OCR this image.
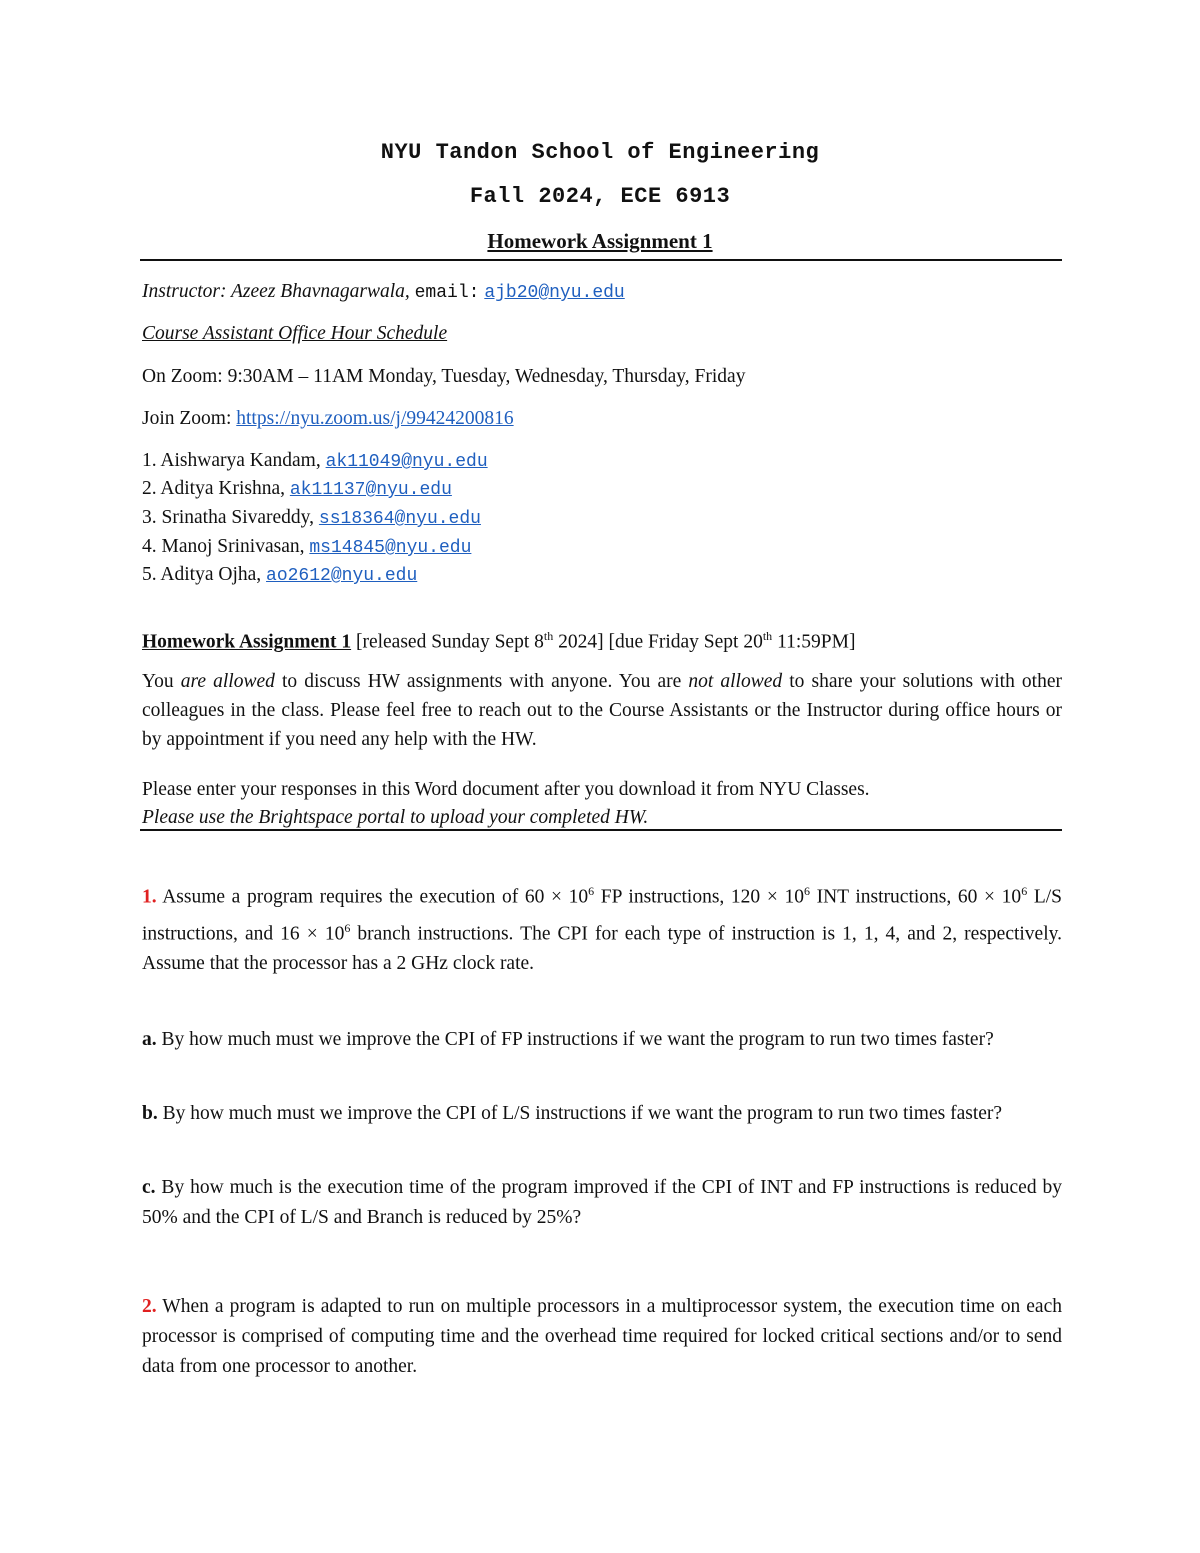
NYU Tandon School of Engineering
Fall 2024, ECE 6913
Homework Assignment 1
Instructor: Azeez Bhavnagarwala, email: ajb20@nyu.edu
Course Assistant Office Hour Schedule
On Zoom: 9:30AM – 11AM Monday, Tuesday, Wednesday, Thursday, Friday
Join Zoom: https://nyu.zoom.us/j/99424200816
1. Aishwarya Kandam, ak11049@nyu.edu
2. Aditya Krishna, ak11137@nyu.edu
3. Srinatha Sivareddy, ss18364@nyu.edu
4. Manoj Srinivasan, ms14845@nyu.edu
5. Aditya Ojha, ao2612@nyu.edu
Homework Assignment 1 [released Sunday Sept 8th 2024] [due Friday Sept 20th 11:59PM]
You are allowed to discuss HW assignments with anyone. You are not allowed to share your solutions with other colleagues in the class. Please feel free to reach out to the Course Assistants or the Instructor during office hours or by appointment if you need any help with the HW.
Please enter your responses in this Word document after you download it from NYU Classes.
Please use the Brightspace portal to upload your completed HW.
1. Assume a program requires the execution of $60 \times 10^6$ FP instructions, $120 \times 10^6$ INT instructions, $60 \times 10^6$ L/S instructions, and $16 \times 10^6$ branch instructions. The CPI for each type of instruction is 1, 1, 4, and 2, respectively. Assume that the processor has a 2 GHz clock rate.
a. By how much must we improve the CPI of FP instructions if we want the program to run two times faster?
b. By how much must we improve the CPI of L/S instructions if we want the program to run two times faster?
c. By how much is the execution time of the program improved if the CPI of INT and FP instructions is reduced by 50% and the CPI of L/S and Branch is reduced by 25%?
2. When a program is adapted to run on multiple processors in a multiprocessor system, the execution time on each processor is comprised of computing time and the overhead time required for locked critical sections and/or to send data from one processor to another.
